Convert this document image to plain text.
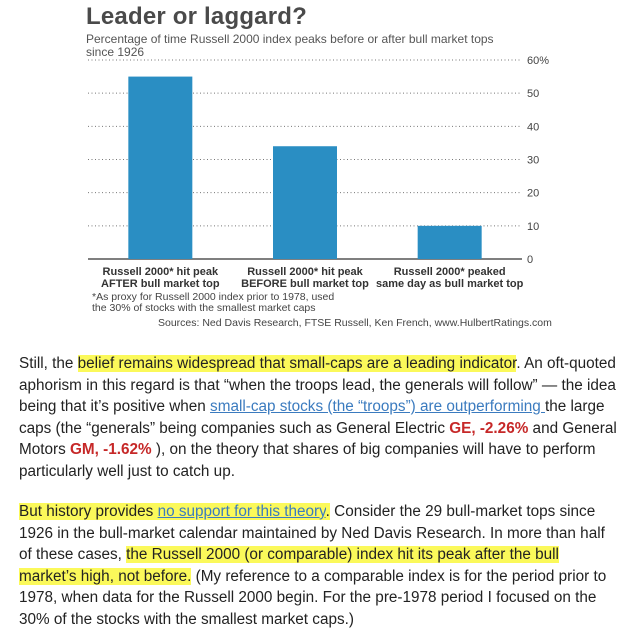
Leader or laggard?
Percentage of time Russell 2000 index peaks before or after bull market tops since 1926
0
10
20
30
40
50
60%
Russell 2000* hit peak
AFTER bull market top
Russell 2000* hit peak
BEFORE bull market top
Russell 2000* peaked
same day as bull market top
*As proxy for Russell 2000 index prior to 1978, used
the 30% of stocks with the smallest market caps
Sources: Ned Davis Research, FTSE Russell, Ken French, www.HulbertRatings.com

Still, the belief remains widespread that small-caps are a leading indicator. An oft-quoted aphorism in this regard is that “when the troops lead, the generals will follow” — the idea being that it’s positive when small-cap stocks (the “troops”) are outperforming the large caps (the “generals” being companies such as General Electric GE, -2.26% and General Motors GM, -1.62% ), on the theory that shares of big companies will have to perform particularly well just to catch up.

But history provides no support for this theory. Consider the 29 bull-market tops since 1926 in the bull-market calendar maintained by Ned Davis Research. In more than half of these cases, the Russell 2000 (or comparable) index hit its peak after the bull market’s high, not before. (My reference to a comparable index is for the period prior to 1978, when data for the Russell 2000 begin. For the pre-1978 period I focused on the 30% of the stocks with the smallest market caps.)
